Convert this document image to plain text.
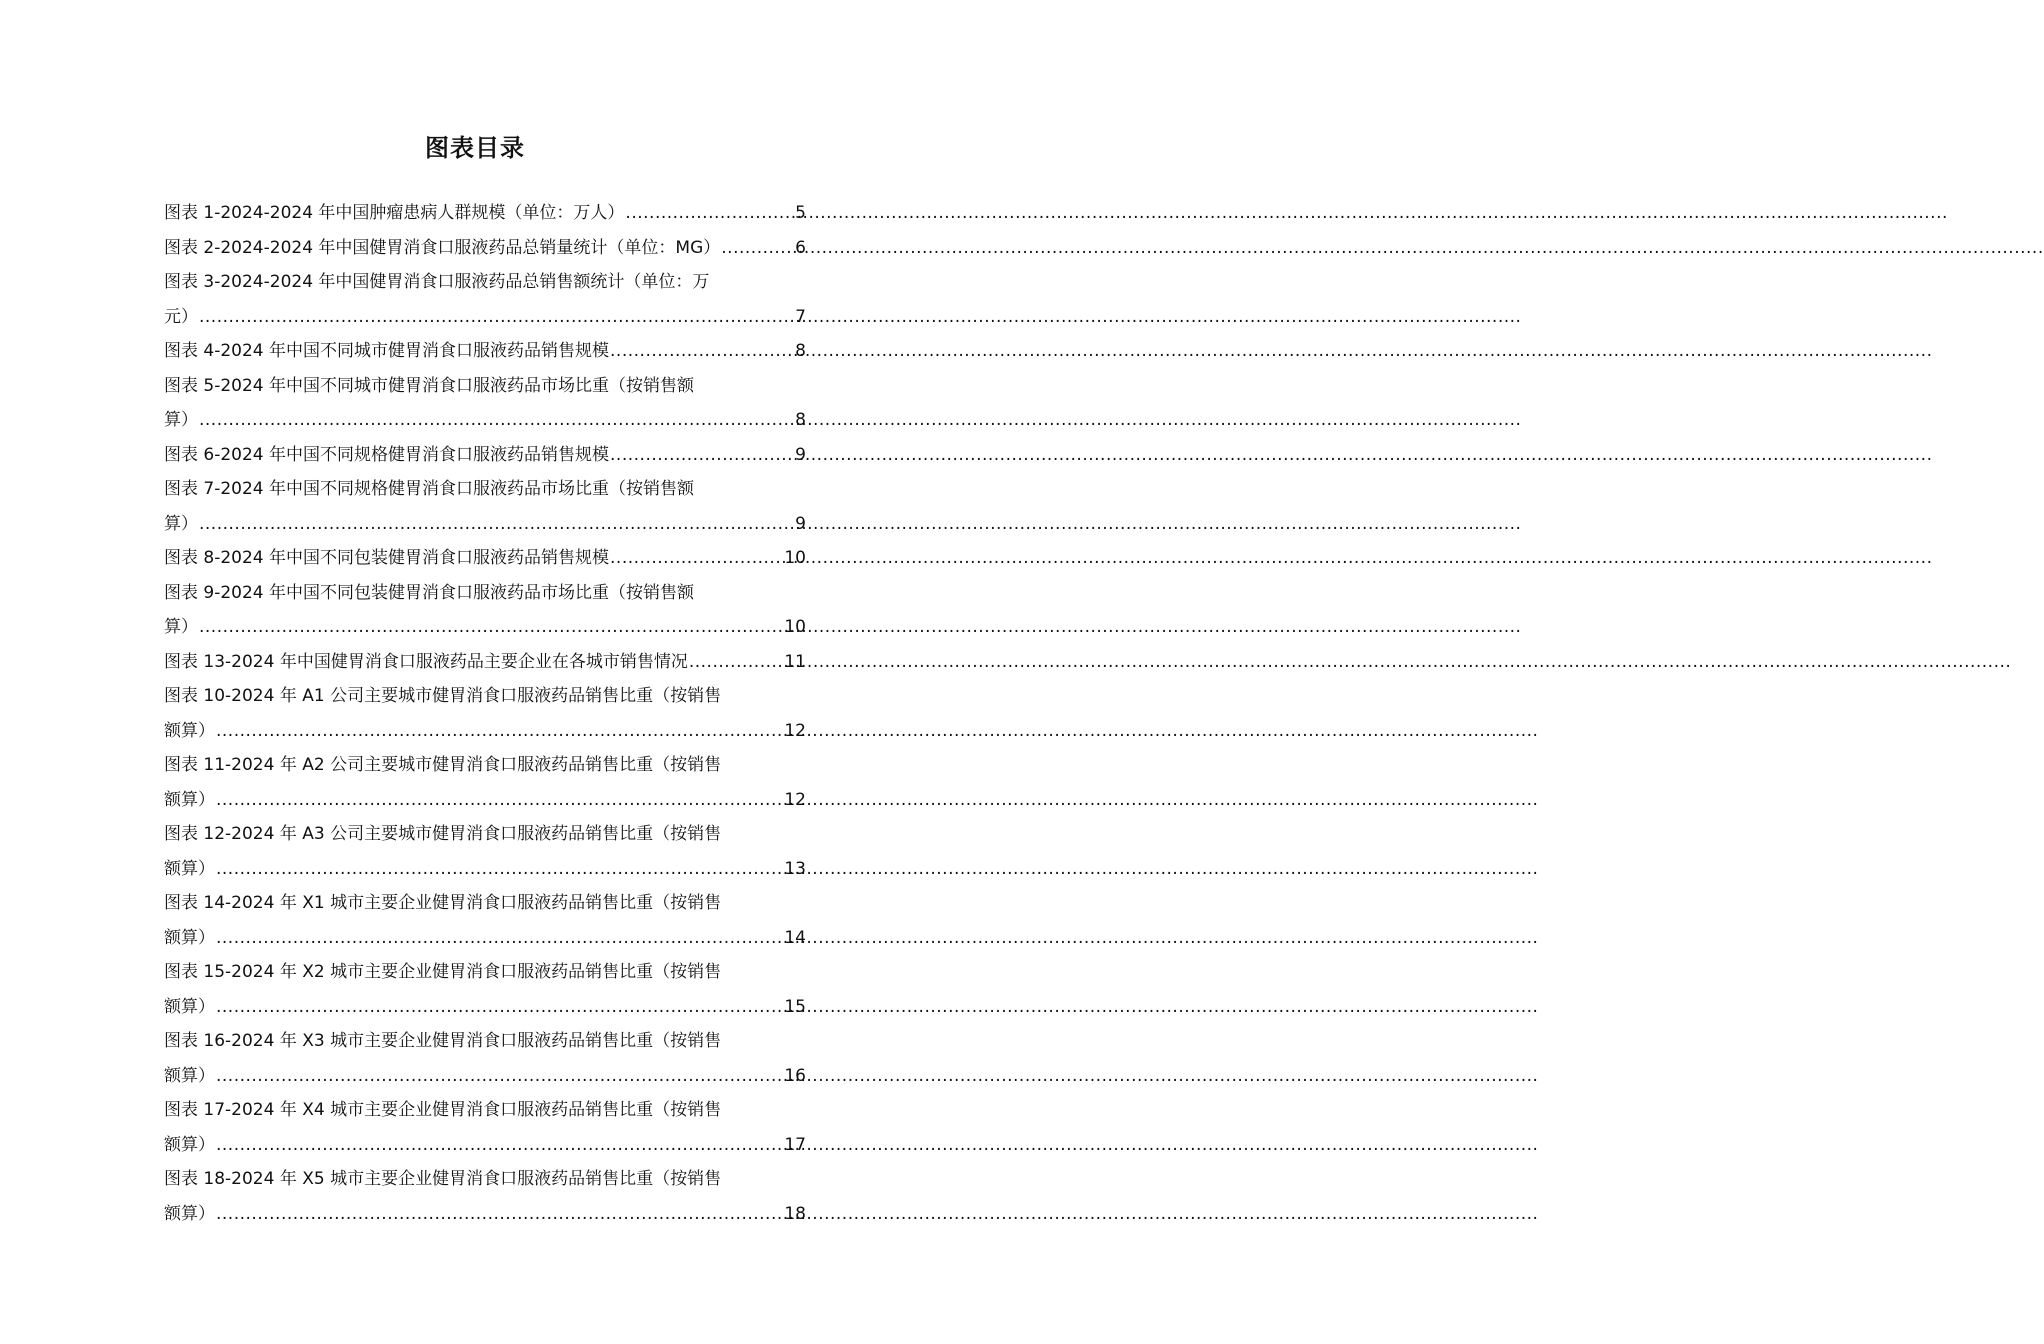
图表目录
图表 1-2024-2024 年中国肿瘤患病人群规模（单位：万人） .....	5
图表 2-2024-2024 年中国健胃消食口服液药品总销量统计（单位：MG） .....	6
图表 3-2024-2024 年中国健胃消食口服液药品总销售额统计（单位：万
元） .....	7
图表 4-2024 年中国不同城市健胃消食口服液药品销售规模 .....	8
图表 5-2024 年中国不同城市健胃消食口服液药品市场比重（按销售额
算） .....	8
图表 6-2024 年中国不同规格健胃消食口服液药品销售规模 .....	9
图表 7-2024 年中国不同规格健胃消食口服液药品市场比重（按销售额
算） .....	9
图表 8-2024 年中国不同包装健胃消食口服液药品销售规模 .....	10
图表 9-2024 年中国不同包装健胃消食口服液药品市场比重（按销售额
算） .....	10
图表 13-2024 年中国健胃消食口服液药品主要企业在各城市销售情况 .....	11
图表 10-2024 年 A1 公司主要城市健胃消食口服液药品销售比重（按销售
额算） .....	12
图表 11-2024 年 A2 公司主要城市健胃消食口服液药品销售比重（按销售
额算） .....	12
图表 12-2024 年 A3 公司主要城市健胃消食口服液药品销售比重（按销售
额算） .....	13
图表 14-2024 年 X1 城市主要企业健胃消食口服液药品销售比重（按销售
额算） .....	14
图表 15-2024 年 X2 城市主要企业健胃消食口服液药品销售比重（按销售
额算） .....	15
图表 16-2024 年 X3 城市主要企业健胃消食口服液药品销售比重（按销售
额算） .....	16
图表 17-2024 年 X4 城市主要企业健胃消食口服液药品销售比重（按销售
额算） .....	17
图表 18-2024 年 X5 城市主要企业健胃消食口服液药品销售比重（按销售
额算） .....	18
